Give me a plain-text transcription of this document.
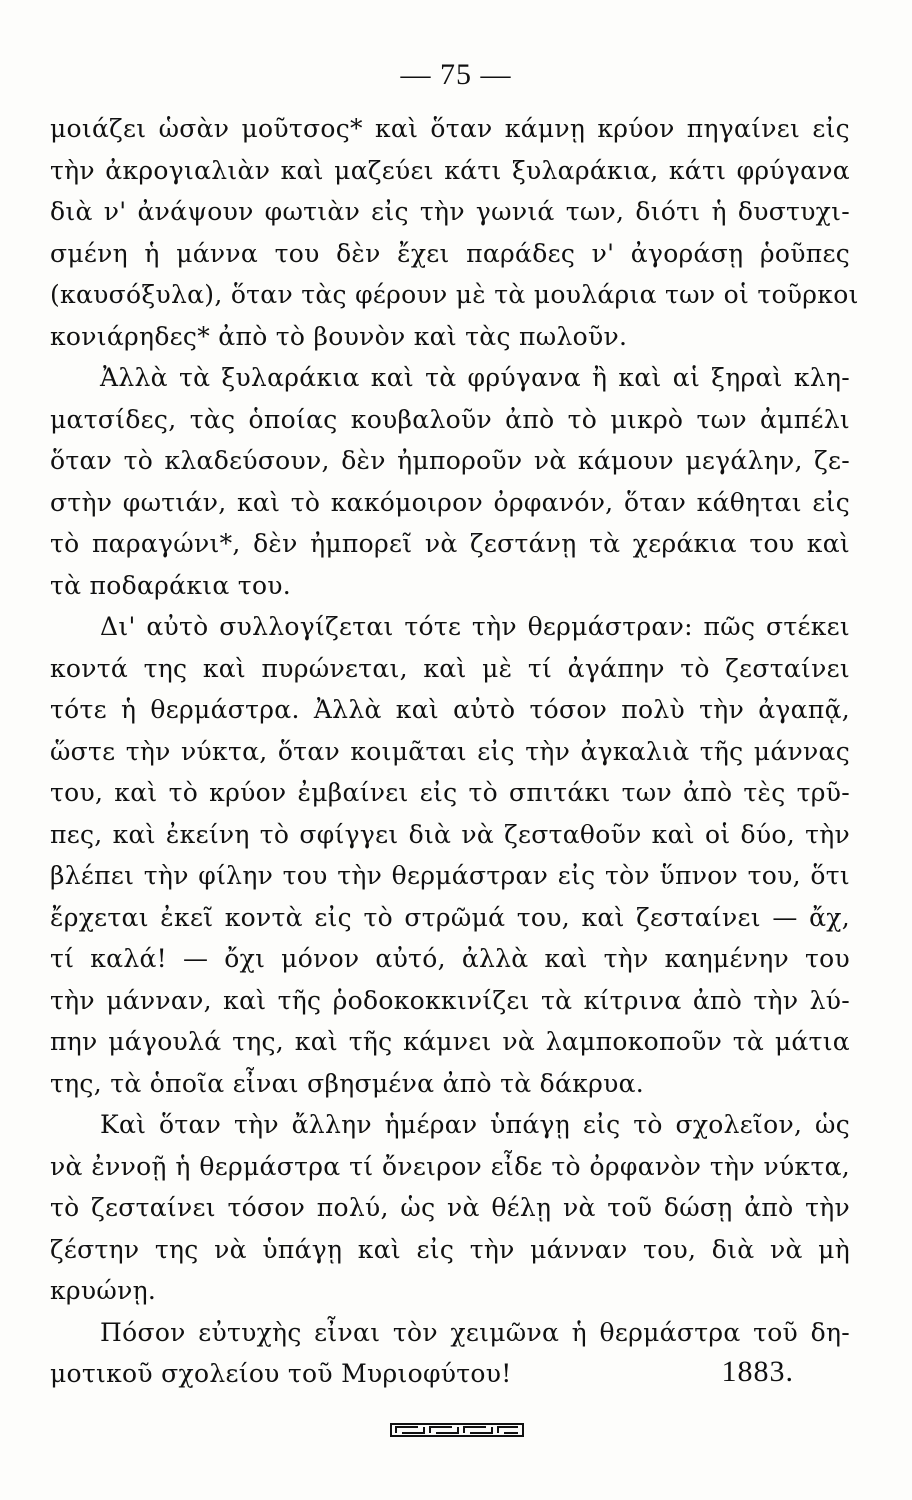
— 75 —
μοιάζει ὡσὰν μοῦτσος* καὶ ὅταν κάμνῃ κρύον πηγαίνει εἰς
τὴν ἀκρογιαλιὰν καὶ μαζεύει κάτι ξυλαράκια, κάτι φρύγανα
διὰ ν' ἀνάψουν φωτιὰν εἰς τὴν γωνιά των, διότι ἡ δυστυχι-
σμένη ἡ μάννα του δὲν ἔχει παράδες ν' ἀγοράσῃ ῥοῦπες
(καυσόξυλα), ὅταν τὰς φέρουν μὲ τὰ μουλάρια των οἱ τοῦρκοι
κονιάρηδες* ἀπὸ τὸ βουνὸν καὶ τὰς πωλοῦν.
Ἀλλὰ τὰ ξυλαράκια καὶ τὰ φρύγανα ἢ καὶ αἱ ξηραὶ κλη-
ματσίδες, τὰς ὁποίας κουβαλοῦν ἀπὸ τὸ μικρὸ των ἀμπέλι
ὅταν τὸ κλαδεύσουν, δὲν ἠμποροῦν νὰ κάμουν μεγάλην, ζε-
στὴν φωτιάν, καὶ τὸ κακόμοιρον ὀρφανόν, ὅταν κάθηται εἰς
τὸ παραγώνι*, δὲν ἠμπορεῖ νὰ ζεστάνῃ τὰ χεράκια του καὶ
τὰ ποδαράκια του.
Δι' αὐτὸ συλλογίζεται τότε τὴν θερμάστραν: πῶς στέκει
κοντά της καὶ πυρώνεται, καὶ μὲ τί ἀγάπην τὸ ζεσταίνει
τότε ἡ θερμάστρα. Ἀλλὰ καὶ αὐτὸ τόσον πολὺ τὴν ἀγαπᾷ,
ὥστε τὴν νύκτα, ὅταν κοιμᾶται εἰς τὴν ἀγκαλιὰ τῆς μάννας
του, καὶ τὸ κρύον ἐμβαίνει εἰς τὸ σπιτάκι των ἀπὸ τὲς τρῦ-
πες, καὶ ἐκείνη τὸ σφίγγει διὰ νὰ ζεσταθοῦν καὶ οἱ δύο, τὴν
βλέπει τὴν φίλην του τὴν θερμάστραν εἰς τὸν ὕπνον του, ὅτι
ἔρχεται ἐκεῖ κοντὰ εἰς τὸ στρῶμά του, καὶ ζεσταίνει — ἄχ,
τί καλά! — ὄχι μόνον αὐτό, ἀλλὰ καὶ τὴν καημένην του
τὴν μάνναν, καὶ τῆς ῥοδοκοκκινίζει τὰ κίτρινα ἀπὸ τὴν λύ-
πην μάγουλά της, καὶ τῆς κάμνει νὰ λαμποκοποῦν τὰ μάτια
της, τὰ ὁποῖα εἶναι σβησμένα ἀπὸ τὰ δάκρυα.
Καὶ ὅταν τὴν ἄλλην ἡμέραν ὑπάγῃ εἰς τὸ σχολεῖον, ὡς
νὰ ἐννοῇ ἡ θερμάστρα τί ὄνειρον εἶδε τὸ ὀρφανὸν τὴν νύκτα,
τὸ ζεσταίνει τόσον πολύ, ὡς νὰ θέλῃ νὰ τοῦ δώσῃ ἀπὸ τὴν
ζέστην της νὰ ὑπάγῃ καὶ εἰς τὴν μάνναν του, διὰ νὰ μὴ
κρυώνῃ.
Πόσον εὐτυχὴς εἶναι τὸν χειμῶνα ἡ θερμάστρα τοῦ δη-
μοτικοῦ σχολείου τοῦ Μυριοφύτου!	1883.
